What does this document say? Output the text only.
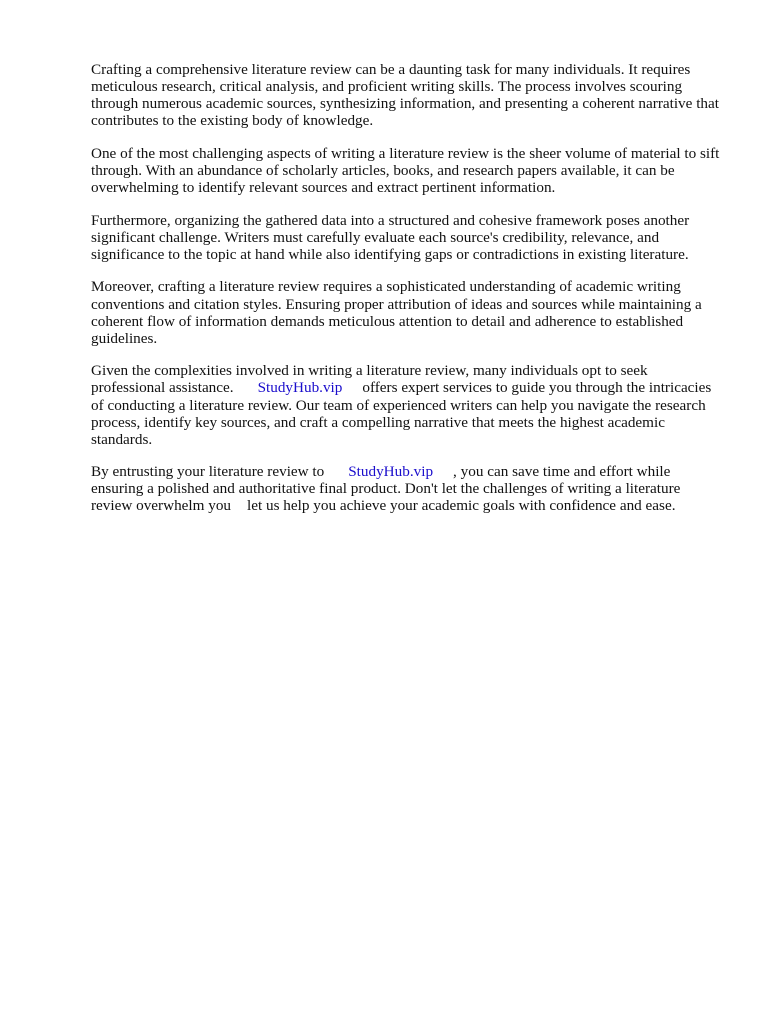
Crafting a comprehensive literature review can be a daunting task for many individuals. It requires meticulous research, critical analysis, and proficient writing skills. The process involves scouring through numerous academic sources, synthesizing information, and presenting a coherent narrative that contributes to the existing body of knowledge.

One of the most challenging aspects of writing a literature review is the sheer volume of material to sift through. With an abundance of scholarly articles, books, and research papers available, it can be overwhelming to identify relevant sources and extract pertinent information.

Furthermore, organizing the gathered data into a structured and cohesive framework poses another significant challenge. Writers must carefully evaluate each source's credibility, relevance, and significance to the topic at hand while also identifying gaps or contradictions in existing literature.

Moreover, crafting a literature review requires a sophisticated understanding of academic writing conventions and citation styles. Ensuring proper attribution of ideas and sources while maintaining a coherent flow of information demands meticulous attention to detail and adherence to established guidelines.

Given the complexities involved in writing a literature review, many individuals opt to seek professional assistance. StudyHub.vip offers expert services to guide you through the intricacies of conducting a literature review. Our team of experienced writers can help you navigate the research process, identify key sources, and craft a compelling narrative that meets the highest academic standards.

By entrusting your literature review to StudyHub.vip , you can save time and effort while ensuring a polished and authoritative final product. Don't let the challenges of writing a literature review overwhelm you let us help you achieve your academic goals with confidence and ease.
